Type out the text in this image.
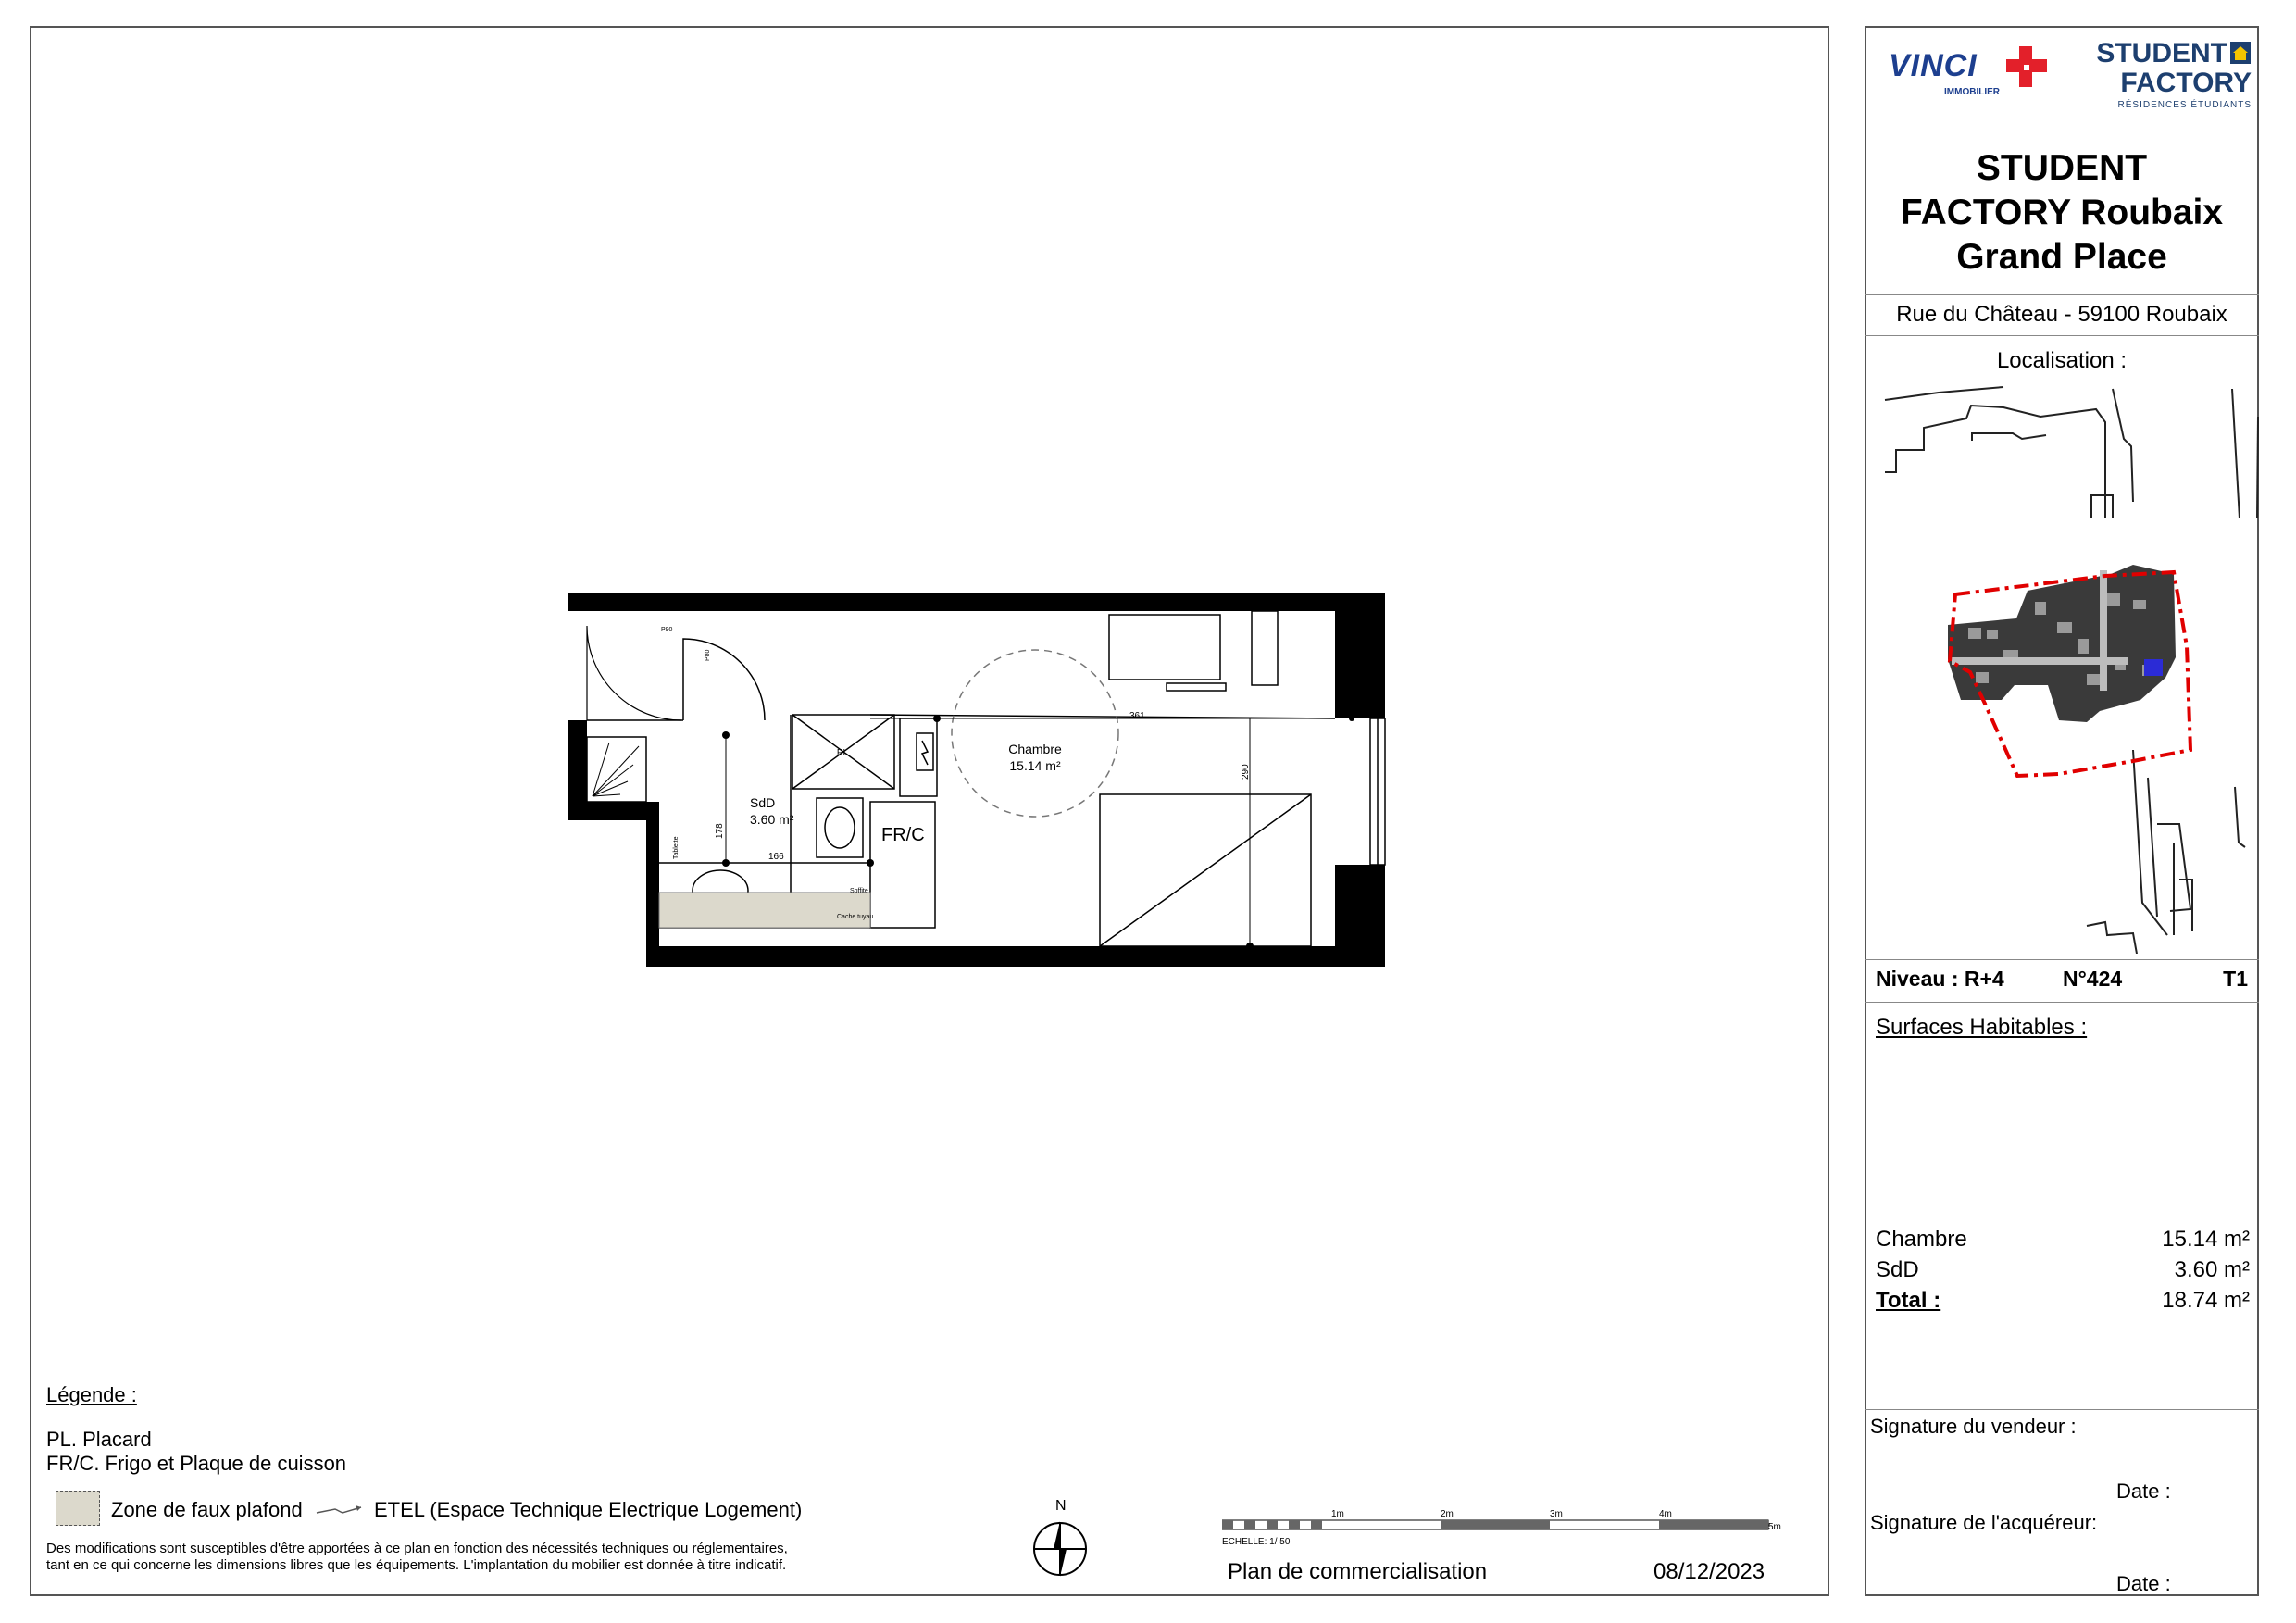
VINCI
IMMOBILIER
STUDENT
FACTORY
RÉSIDENCES ÉTUDIANTS
STUDENT
FACTORY Roubaix
Grand Place
Rue du Château - 59100 Roubaix
Localisation :
Niveau : R+4	N°424	T1
Surfaces Habitables :
Chambre	15.14 m²
SdD	3.60 m²
Total :	18.74 m²
Signature du vendeur :
Date :
Signature de l'acquéreur:
Date :
Chambre
15.14 m²
SdD
3.60 m²
FR/C
PL
361
290
178
166
P90
P80
Soffite
Cache tuyau
Tablette
Légende :
PL. Placard
FR/C. Frigo et Plaque de cuisson
Zone de faux plafond	ETEL (Espace Technique Electrique Logement)
Des modifications sont susceptibles d'être apportées à ce plan en fonction des nécessités techniques ou réglementaires,
tant en ce qui concerne les dimensions libres que les équipements. L'implantation du mobilier est donnée à titre indicatif.
N
1m	2m	3m	4m
5m
ECHELLE: 1/ 50
Plan de commercialisation	08/12/2023
